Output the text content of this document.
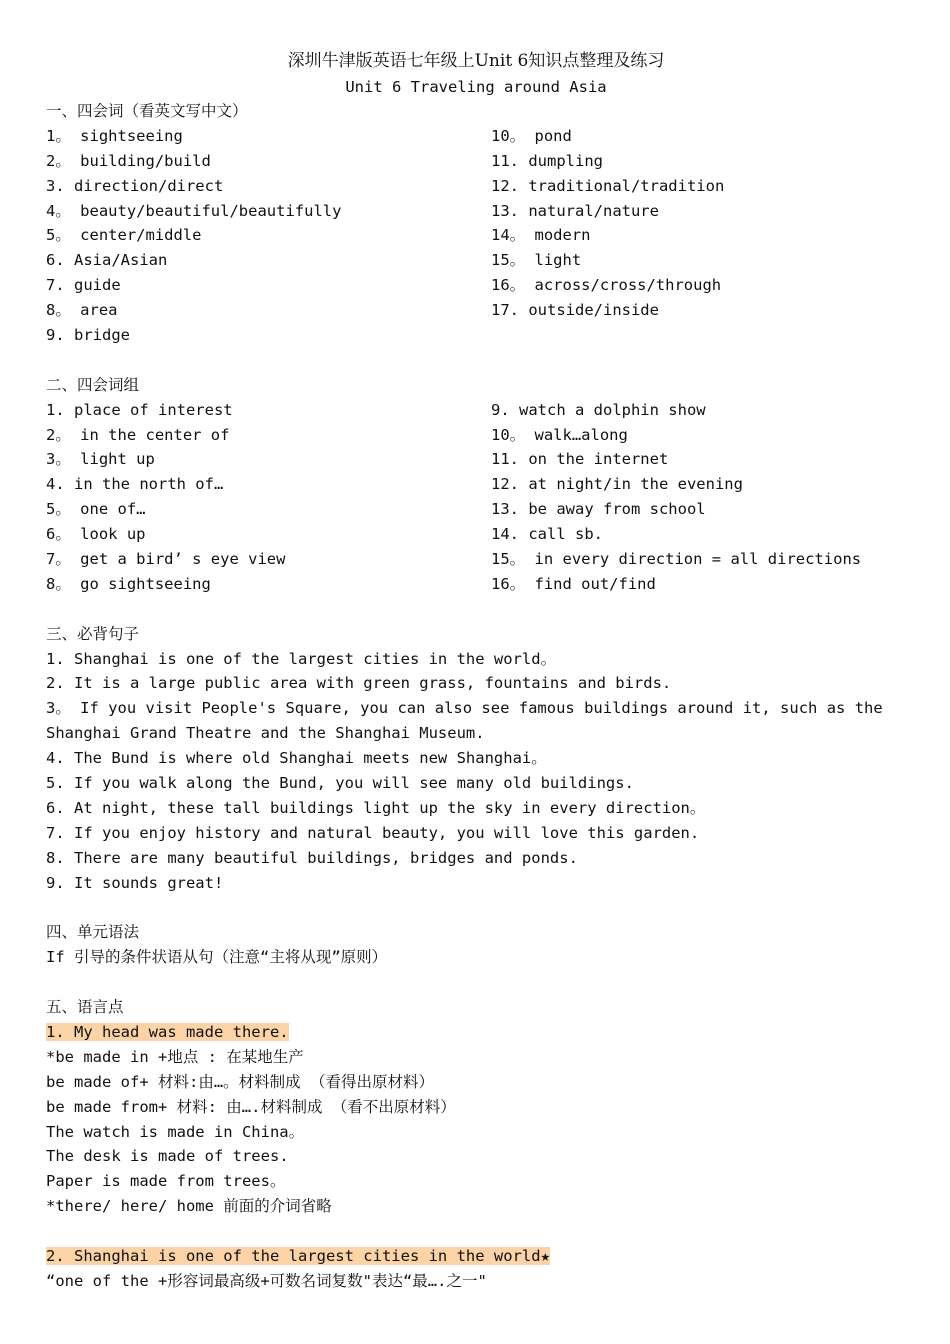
深圳牛津版英语七年级上Unit 6知识点整理及练习
Unit 6 Traveling around Asia
一、四会词（看英文写中文）
1。 sightseeing
2。 building/build
3. direction/direct
4。 beauty/beautiful/beautifully
5。 center/middle
6. Asia/Asian
7. guide
8。 area
9. bridge
10。 pond
11. dumpling
12. traditional/tradition
13. natural/nature
14。 modern
15。 light
16。 across/cross/through
17. outside/inside
二、四会词组
1. place of interest
2。 in the center of
3。 light up
4. in the north of…
5。 one of…
6。 look up
7。 get a bird’ s eye view
8。 go sightseeing
9. watch a dolphin show
10。 walk…along
11. on the internet
12. at night/in the evening
13. be away from school
14. call sb.
15。 in every direction = all directions
16。 find out/find
三、必背句子
1. Shanghai is one of the largest cities in the world。
2. It is a large public area with green grass, fountains and birds.
3。 If you visit People's Square, you can also see famous buildings around it, such as the
Shanghai Grand Theatre and the Shanghai Museum.
4. The Bund is where old Shanghai meets new Shanghai。
5. If you walk along the Bund, you will see many old buildings.
6. At night, these tall buildings light up the sky in every direction。
7. If you enjoy history and natural beauty, you will love this garden.
8. There are many beautiful buildings, bridges and ponds.
9. It sounds great!
四、单元语法
If 引导的条件状语从句（注意“主将从现”原则）
五、语言点
1. My head was made there.
*be made in +地点 : 在某地生产
be made of+ 材料:由…。材料制成 （看得出原材料）
be made from+ 材料: 由….材料制成 （看不出原材料）
The watch is made in China。
The desk is made of trees.
Paper is made from trees。
*there/ here/ home 前面的介词省略
2. Shanghai is one of the largest cities in the world★
“one of the +形容词最高级+可数名词复数"表达“最….之一"
